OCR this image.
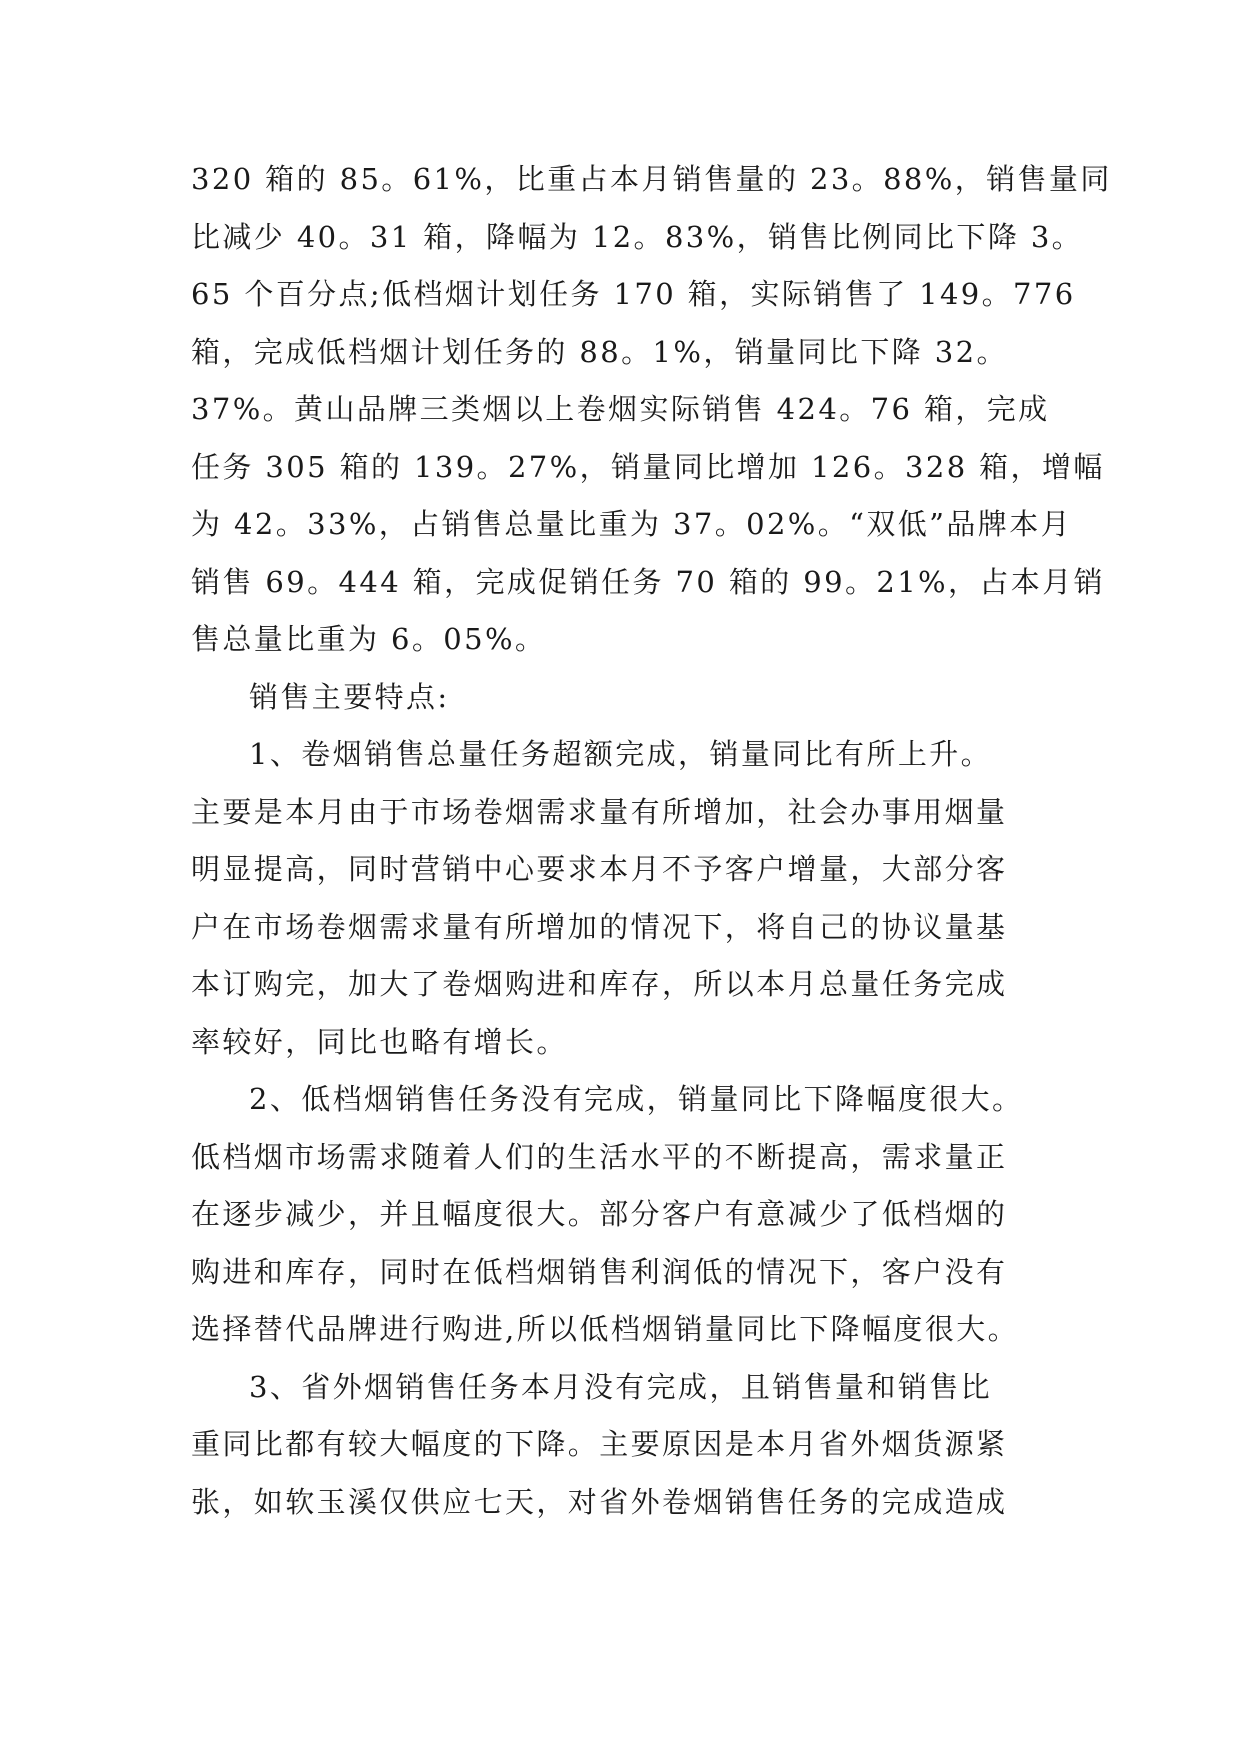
320 箱的 85。61%，比重占本月销售量的 23。88%，销售量同
比减少 40。31 箱，降幅为 12。83%，销售比例同比下降 3。
65 个百分点;低档烟计划任务 170 箱，实际销售了 149。776
箱，完成低档烟计划任务的 88。1%，销量同比下降 32。
37%。黄山品牌三类烟以上卷烟实际销售 424。76 箱，完成
任务 305 箱的 139。27%，销量同比增加 126。328 箱，增幅
为 42。33%，占销售总量比重为 37。02%。“双低”品牌本月
销售 69。444 箱，完成促销任务 70 箱的 99。21%，占本月销
售总量比重为 6。05%。
销售主要特点:
1、卷烟销售总量任务超额完成，销量同比有所上升。
主要是本月由于市场卷烟需求量有所增加，社会办事用烟量
明显提高，同时营销中心要求本月不予客户增量，大部分客
户在市场卷烟需求量有所增加的情况下，将自己的协议量基
本订购完，加大了卷烟购进和库存，所以本月总量任务完成
率较好，同比也略有增长。
2、低档烟销售任务没有完成，销量同比下降幅度很大。
低档烟市场需求随着人们的生活水平的不断提高，需求量正
在逐步减少，并且幅度很大。部分客户有意减少了低档烟的
购进和库存，同时在低档烟销售利润低的情况下，客户没有
选择替代品牌进行购进,所以低档烟销量同比下降幅度很大。
3、省外烟销售任务本月没有完成，且销售量和销售比
重同比都有较大幅度的下降。主要原因是本月省外烟货源紧
张，如软玉溪仅供应七天，对省外卷烟销售任务的完成造成
